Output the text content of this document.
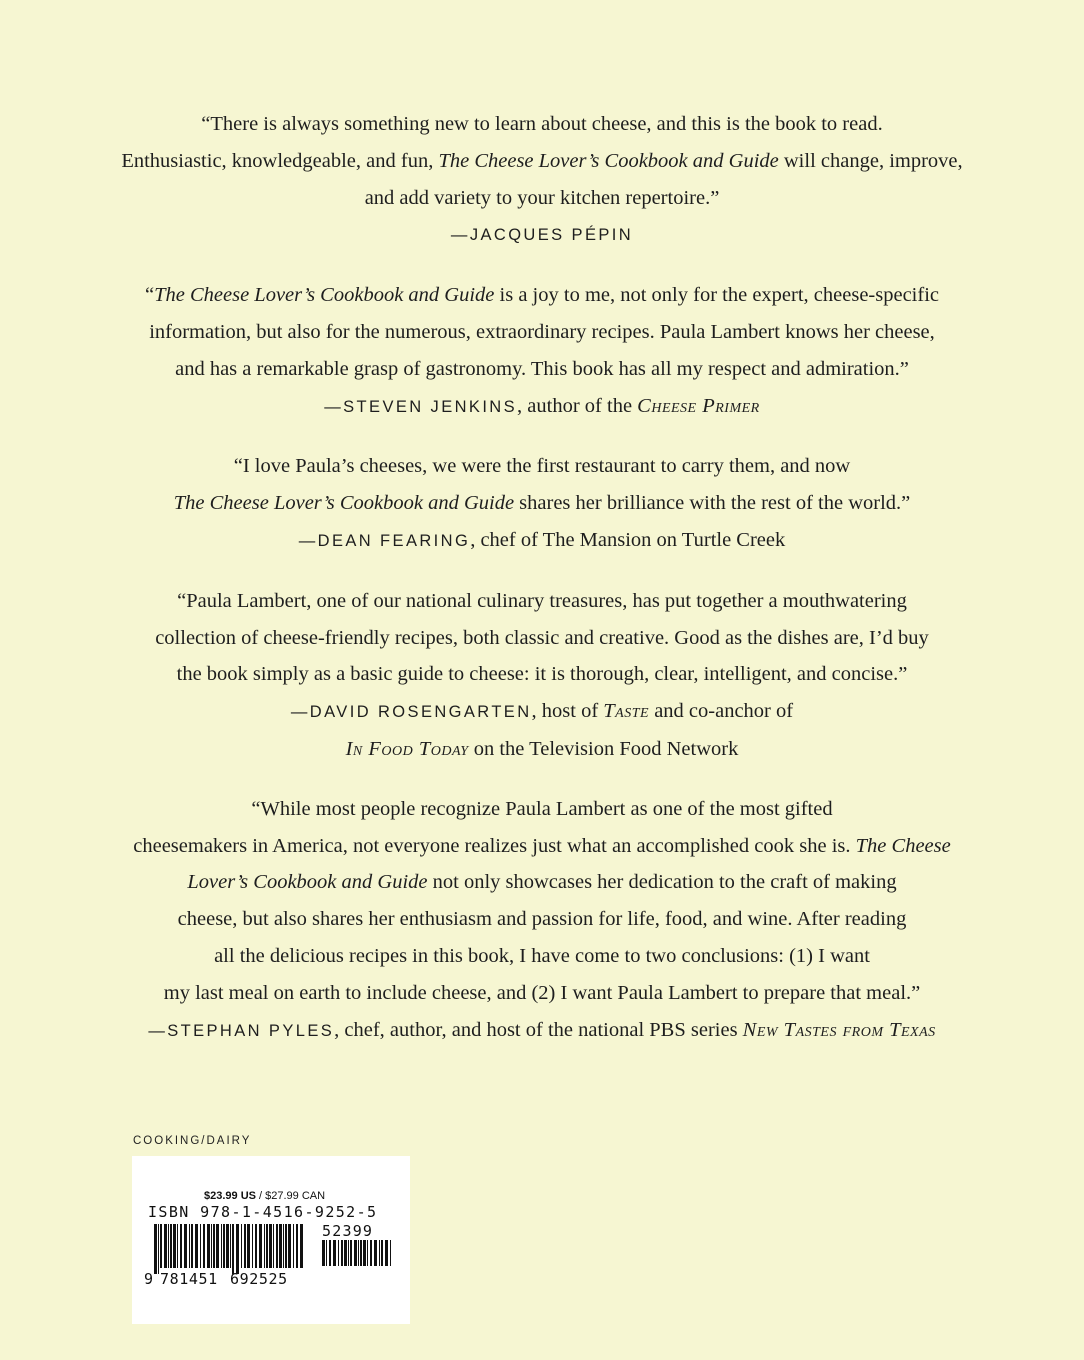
“There is always something new to learn about cheese, and this is the book to read.
Enthusiastic, knowledgeable, and fun, The Cheese Lover’s Cookbook and Guide will change, improve,
and add variety to your kitchen repertoire.”
—JACQUES PÉPIN
“The Cheese Lover’s Cookbook and Guide is a joy to me, not only for the expert, cheese-specific
information, but also for the numerous, extraordinary recipes. Paula Lambert knows her cheese,
and has a remarkable grasp of gastronomy. This book has all my respect and admiration.”
—STEVEN JENKINS, author of the Cheese Primer
“I love Paula’s cheeses, we were the first restaurant to carry them, and now
The Cheese Lover’s Cookbook and Guide shares her brilliance with the rest of the world.”
—DEAN FEARING, chef of The Mansion on Turtle Creek
“Paula Lambert, one of our national culinary treasures, has put together a mouthwatering
collection of cheese-friendly recipes, both classic and creative. Good as the dishes are, I’d buy
the book simply as a basic guide to cheese: it is thorough, clear, intelligent, and concise.”
—DAVID ROSENGARTEN, host of Taste and co-anchor of
In Food Today on the Television Food Network
“While most people recognize Paula Lambert as one of the most gifted
cheesemakers in America, not everyone realizes just what an accomplished cook she is. The Cheese
Lover’s Cookbook and Guide not only showcases her dedication to the craft of making
cheese, but also shares her enthusiasm and passion for life, food, and wine. After reading
all the delicious recipes in this book, I have come to two conclusions: (1) I want
my last meal on earth to include cheese, and (2) I want Paula Lambert to prepare that meal.”
—STEPHAN PYLES, chef, author, and host of the national PBS series New Tastes from Texas
COOKING/DAIRY
$23.99 US / $27.99 CAN
ISBN 978-1-4516-9252-5
52399
9 781451 692525
